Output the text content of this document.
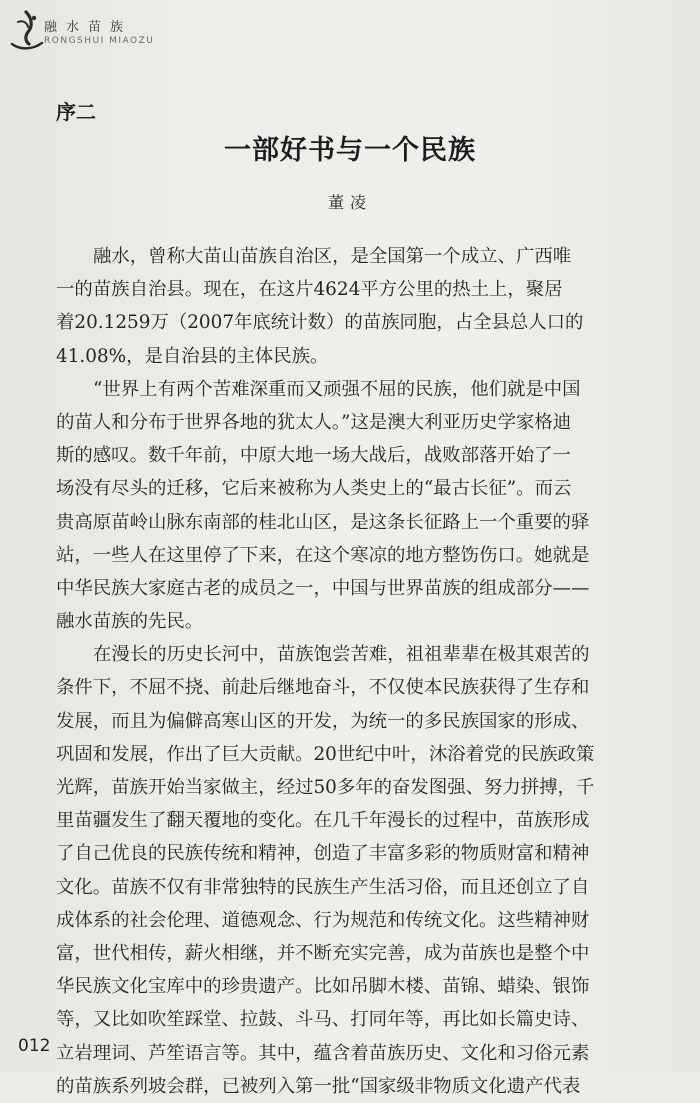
融水苗族
RONGSHUI MIAOZU
序二
一部好书与一个民族
董凌
融水，曾称大苗山苗族自治区，是全国第一个成立、广西唯
一的苗族自治县。现在，在这片4624平方公里的热土上，聚居
着20.1259万（2007年底统计数）的苗族同胞，占全县总人口的
41.08%，是自治县的主体民族。
“世界上有两个苦难深重而又顽强不屈的民族，他们就是中国
的苗人和分布于世界各地的犹太人。”这是澳大利亚历史学家格迪
斯的感叹。数千年前，中原大地一场大战后，战败部落开始了一
场没有尽头的迁移，它后来被称为人类史上的“最古长征”。而云
贵高原苗岭山脉东南部的桂北山区，是这条长征路上一个重要的驿
站，一些人在这里停了下来，在这个寒凉的地方整饬伤口。她就是
中华民族大家庭古老的成员之一，中国与世界苗族的组成部分——
融水苗族的先民。
在漫长的历史长河中，苗族饱尝苦难，祖祖辈辈在极其艰苦的
条件下，不屈不挠、前赴后继地奋斗，不仅使本民族获得了生存和
发展，而且为偏僻高寒山区的开发，为统一的多民族国家的形成、
巩固和发展，作出了巨大贡献。20世纪中叶，沐浴着党的民族政策
光辉，苗族开始当家做主，经过50多年的奋发图强、努力拼搏，千
里苗疆发生了翻天覆地的变化。在几千年漫长的过程中，苗族形成
了自己优良的民族传统和精神，创造了丰富多彩的物质财富和精神
文化。苗族不仅有非常独特的民族生产生活习俗，而且还创立了自
成体系的社会伦理、道德观念、行为规范和传统文化。这些精神财
富，世代相传，薪火相继，并不断充实完善，成为苗族也是整个中
华民族文化宝库中的珍贵遗产。比如吊脚木楼、苗锦、蜡染、银饰
等，又比如吹笙踩堂、拉鼓、斗马、打同年等，再比如长篇史诗、
立岩理词、芦笙语言等。其中，蕴含着苗族历史、文化和习俗元素
的苗族系列坡会群，已被列入第一批“国家级非物质文化遗产代表
012
